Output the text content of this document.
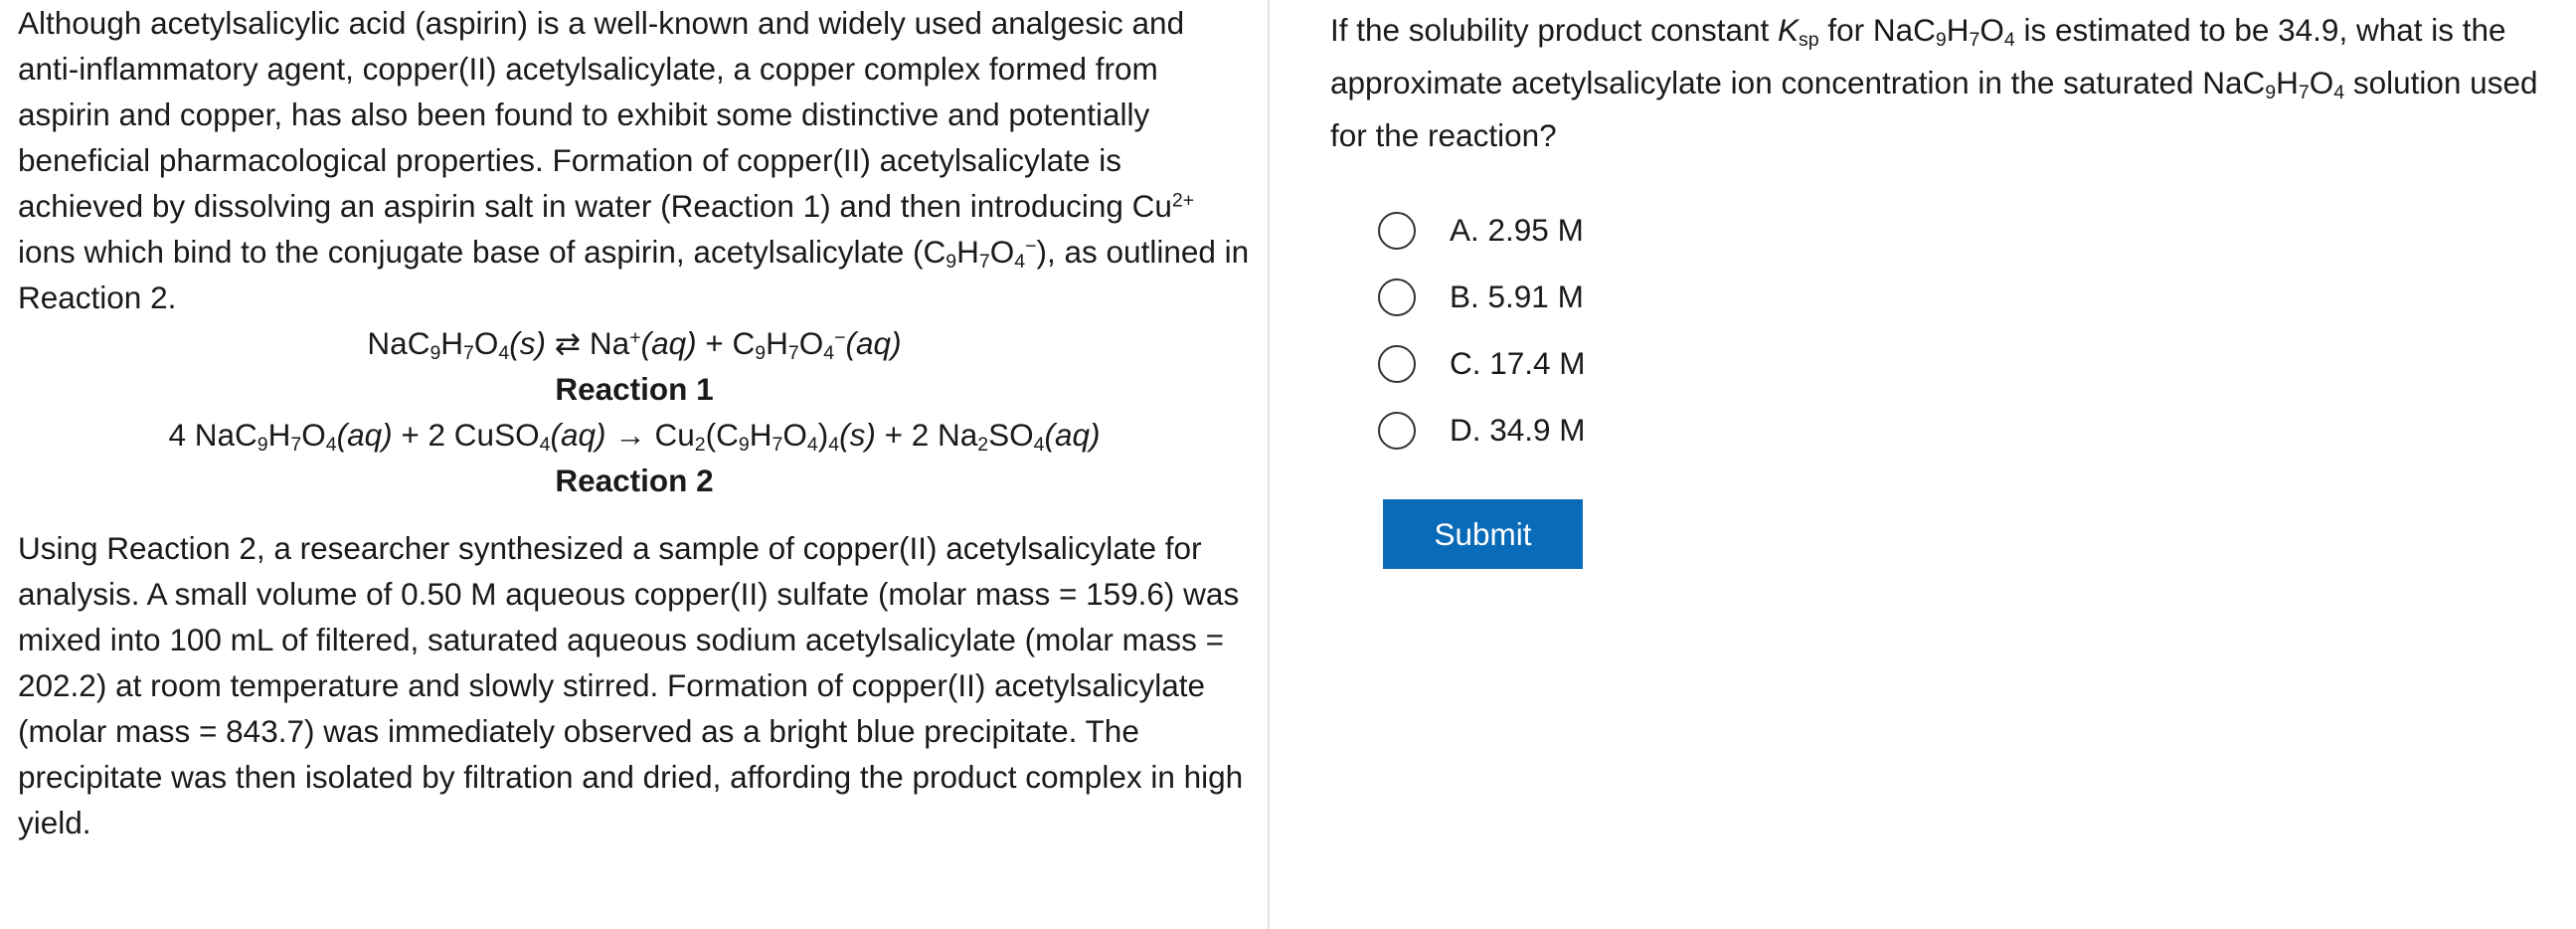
Although acetylsalicylic acid (aspirin) is a well-known and widely used analgesic and anti-inflammatory agent, copper(II) acetylsalicylate, a copper complex formed from aspirin and copper, has also been found to exhibit some distinctive and potentially beneficial pharmacological properties. Formation of copper(II) acetylsalicylate is achieved by dissolving an aspirin salt in water (Reaction 1) and then introducing $Cu^{2+}$ ions which bind to the conjugate base of aspirin, acetylsalicylate $(C_9H_7O_4^-)$, as outlined in Reaction 2.

$NaC_9H_7O_4(s)$ ⇄ $Na^+(aq) + C_9H_7O_4^-(aq)$

Reaction 1

4 $NaC_9H_7O_4(aq) + 2$ CuSO$_4$(aq) → $Cu_2(C_9H_7O_4)_4(s) + 2$ $Na_2SO_4(aq)$

Reaction 2

Using Reaction 2, a researcher synthesized a sample of copper(II) acetylsalicylate for analysis. A small volume of 0.50 M aqueous copper(II) sulfate (molar mass = 159.6) was mixed into 100 mL of filtered, saturated aqueous sodium acetylsalicylate (molar mass = 202.2) at room temperature and slowly stirred. Formation of copper(II) acetylsalicylate (molar mass = 843.7) was immediately observed as a bright blue precipitate. The precipitate was then isolated by filtration and dried, affording the product complex in high yield.

If the solubility product constant $K_{sp}$ for $NaC_9H_7O_4$ is estimated to be 34.9, what is the approximate acetylsalicylate ion concentration in the saturated $NaC_9H_7O_4$ solution used for the reaction?

A. 2.95 M
B. 5.91 M
C. 17.4 M
D. 34.9 M
Submit
